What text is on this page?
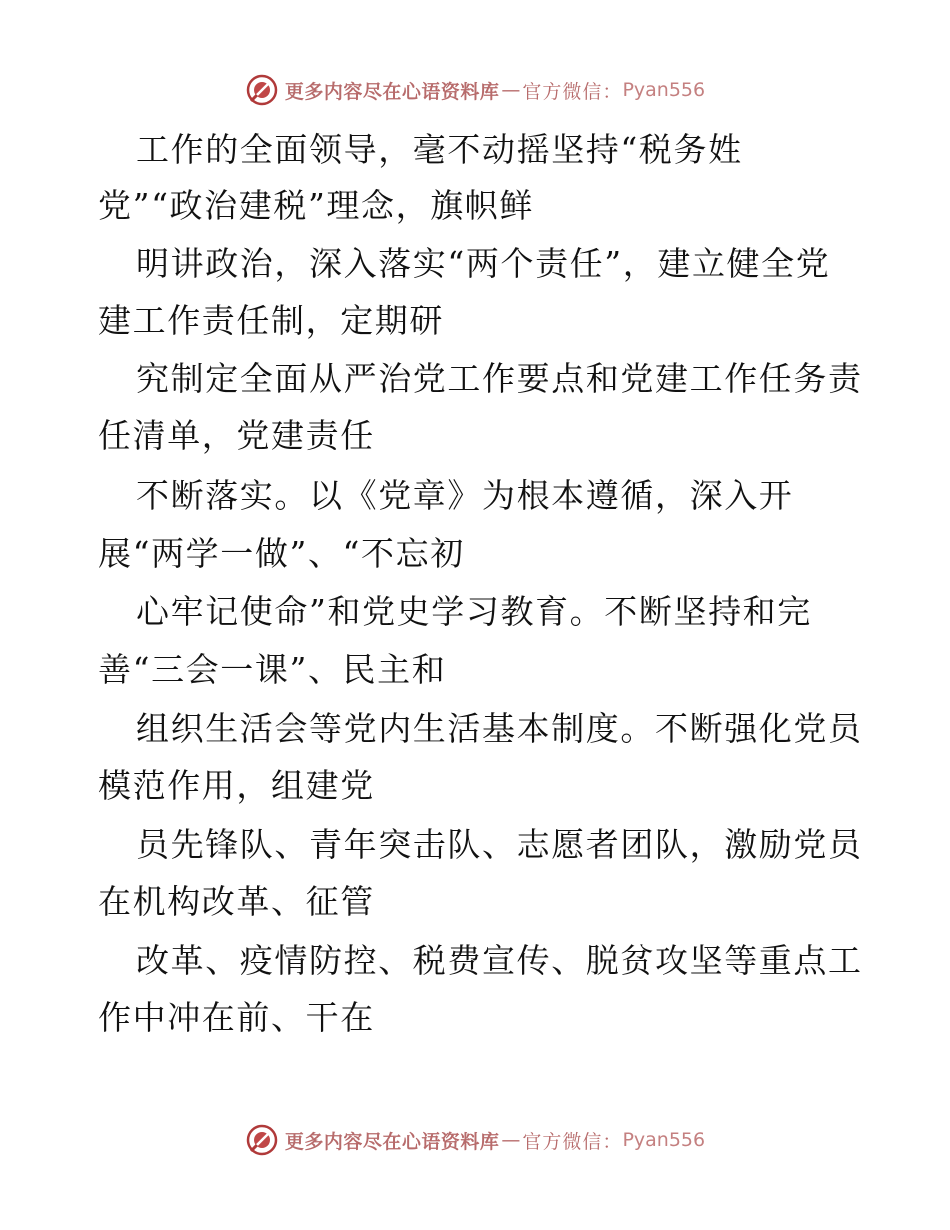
更多内容尽在心语资料库 — 官方微信： Pyan556
工作的全面领导，毫不动摇坚持“税务姓
党”“政治建税”理念，旗帜鲜
明讲政治，深入落实“两个责任”，建立健全党
建工作责任制，定期研
究制定全面从严治党工作要点和党建工作任务责
任清单，党建责任
不断落实。以《党章》为根本遵循，深入开
展“两学一做”、“不忘初
心牢记使命”和党史学习教育。不断坚持和完
善“三会一课”、民主和
组织生活会等党内生活基本制度。不断强化党员
模范作用，组建党
员先锋队、青年突击队、志愿者团队，激励党员
在机构改革、征管
改革、疫情防控、税费宣传、脱贫攻坚等重点工
作中冲在前、干在
更多内容尽在心语资料库 — 官方微信： Pyan556
